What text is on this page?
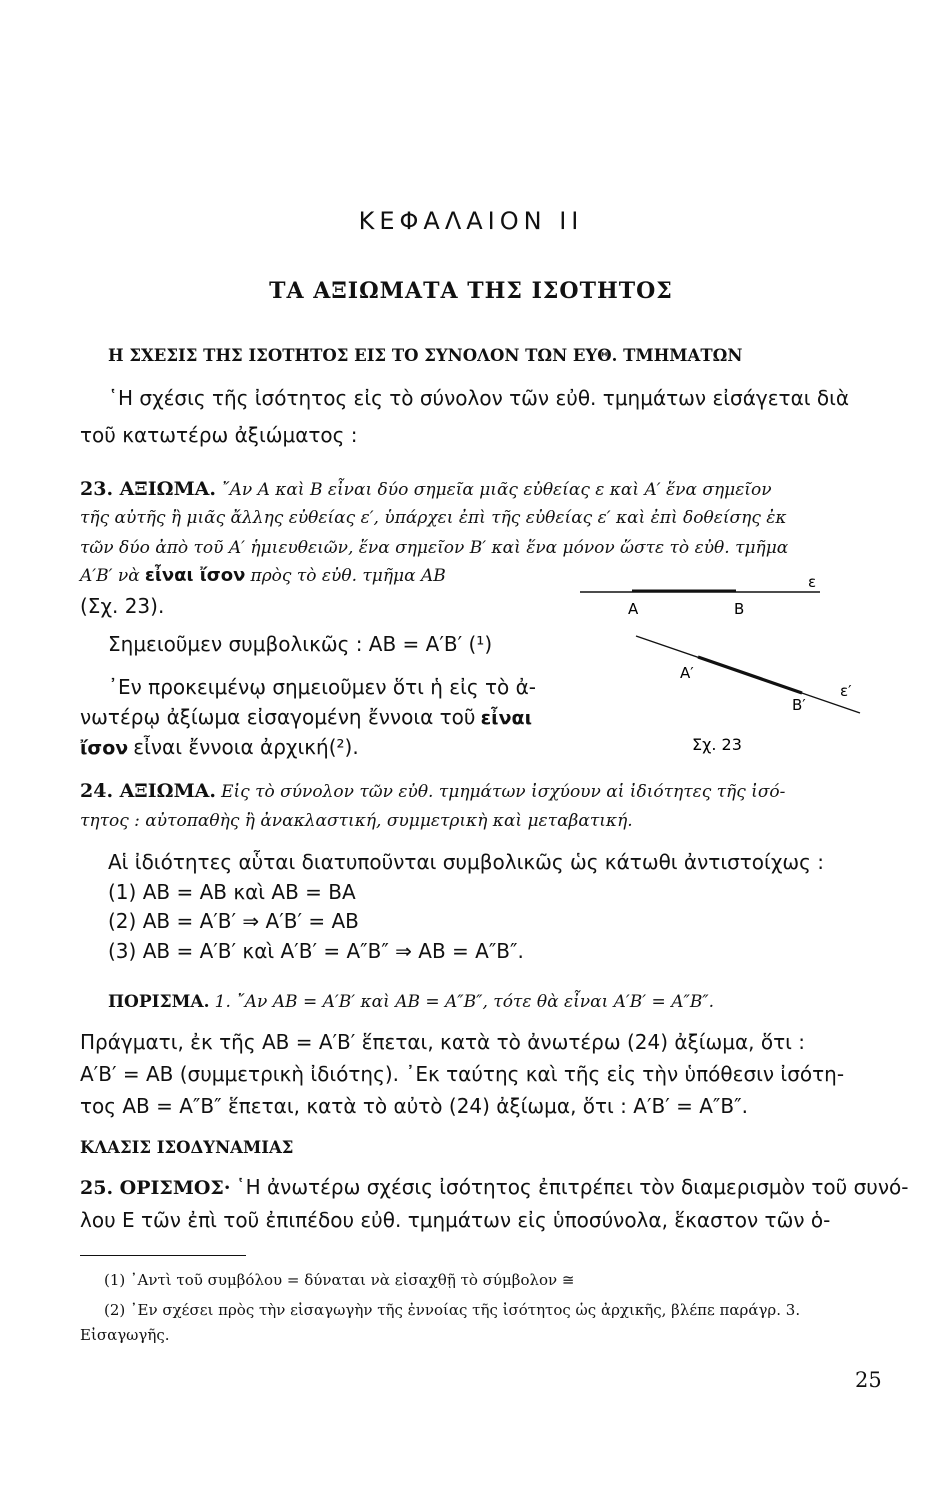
ΚΕΦΑΛΑΙΟΝ ΙΙ
ΤΑ ΑΞΙΩΜΑΤΑ ΤΗΣ ΙΣΟΤΗΤΟΣ
Η ΣΧΕΣΙΣ ΤΗΣ ΙΣΟΤΗΤΟΣ ΕΙΣ ΤΟ ΣΥΝΟΛΟΝ ΤΩΝ ΕΥΘ. ΤΜΗΜΑΤΩΝ
῾Η σχέσις τῆς ἰσότητος εἰς τὸ σύνολον τῶν εὐθ. τμημάτων εἰσάγεται διὰ
τοῦ κατωτέρω ἀξιώματος :
23. ΑΞΙΩΜΑ. ῎Αν Α καὶ Β εἶναι δύο σημεῖα μιᾶς εὐθείας ε καὶ Α′ ἕνα σημεῖον
τῆς αὐτῆς ἢ μιᾶς ἄλλης εὐθείας ε′, ὑπάρχει ἐπὶ τῆς εὐθείας ε′ καὶ ἐπὶ δοθείσης ἐκ
τῶν δύο ἀπὸ τοῦ Α′ ἡμιευθειῶν, ἕνα σημεῖον Β′ καὶ ἕνα μόνον ὥστε τὸ εὐθ. τμῆμα
Α′Β′ νὰ εἶναι ἴσον πρὸς τὸ εὐθ. τμῆμα ΑΒ
(Σχ. 23).
Σημειοῦμεν συμβολικῶς : ΑΒ = Α′Β′ (¹)
᾿Εν προκειμένῳ σημειοῦμεν ὅτι ἡ εἰς τὸ ἀ-
νωτέρῳ ἀξίωμα εἰσαγομένη ἔννοια τοῦ εἶναι
ἴσον εἶναι ἔννοια ἀρχική(²).
ε
Α	Β
Α′
Β′
ε′
Σχ. 23
24. ΑΞΙΩΜΑ. Εἰς τὸ σύνολον τῶν εὐθ. τμημάτων ἰσχύουν αἱ ἰδιότητες τῆς ἰσό-
τητος : αὐτοπαθὴς ἢ ἀνακλαστική, συμμετρικὴ καὶ μεταβατική.
Αἱ ἰδιότητες αὗται διατυποῦνται συμβολικῶς ὡς κάτωθι ἀντιστοίχως :
(1) ΑΒ = ΑΒ καὶ ΑΒ = ΒΑ
(2) ΑΒ = Α′Β′ ⇒ Α′Β′ = ΑΒ
(3) ΑΒ = Α′Β′ καὶ Α′Β′ = Α″Β″ ⇒ ΑΒ = Α″Β″.
ΠΟΡΙΣΜΑ. 1. ῎Αν ΑΒ = Α′Β′ καὶ ΑΒ = Α″Β″, τότε θὰ εἶναι Α′Β′ = Α″Β″.
Πράγματι, ἐκ τῆς ΑΒ = Α′Β′ ἕπεται, κατὰ τὸ ἀνωτέρω (24) ἀξίωμα, ὅτι :
Α′Β′ = ΑΒ (συμμετρικὴ ἰδιότης). ᾿Εκ ταύτης καὶ τῆς εἰς τὴν ὑπόθεσιν ἰσότη-
τος ΑΒ = Α″Β″ ἕπεται, κατὰ τὸ αὐτὸ (24) ἀξίωμα, ὅτι : Α′Β′ = Α″Β″.
ΚΛΑΣΙΣ ΙΣΟΔΥΝΑΜΙΑΣ
25. ΟΡΙΣΜΟΣ· ῾Η ἀνωτέρω σχέσις ἰσότητος ἐπιτρέπει τὸν διαμερισμὸν τοῦ συνό-
λου Ε τῶν ἐπὶ τοῦ ἐπιπέδου εὐθ. τμημάτων εἰς ὑποσύνολα, ἕκαστον τῶν ὁ-
(1) ᾿Αντὶ τοῦ συμβόλου = δύναται νὰ εἰσαχθῇ τὸ σύμβολον ≅
(2) ᾿Εν σχέσει πρὸς τὴν εἰσαγωγὴν τῆς ἐννοίας τῆς ἰσότητος ὡς ἀρχικῆς, βλέπε παράγρ. 3.
Εἰσαγωγῆς.
25
